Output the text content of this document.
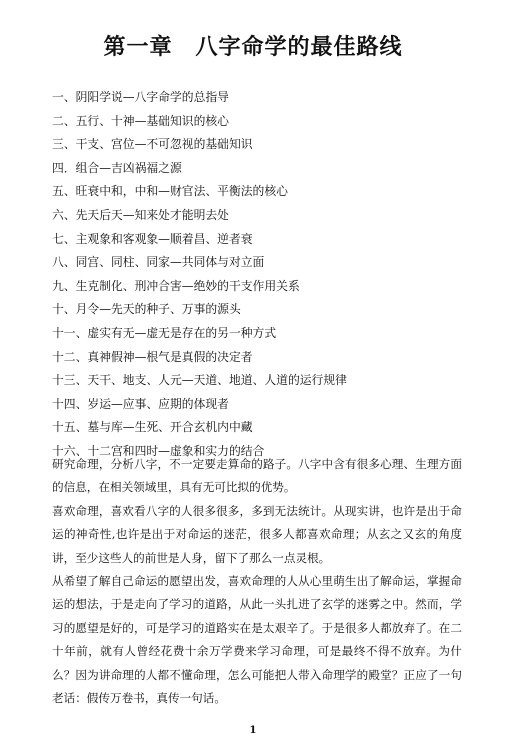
第一章　八字命学的最佳路线
一、阴阳学说—八字命学的总指导
二、五行、十神—基础知识的核心
三、干支、宫位—不可忽视的基础知识
四．组合—吉凶祸福之源
五、旺衰中和，中和—财官法、平衡法的核心
六、先天后天—知来处才能明去处
七、主观象和客观象—顺着昌、逆者衰
八、同宫、同柱、同家—共同体与对立面
九、生克制化、刑冲合害—绝妙的干支作用关系
十、月令—先天的种子、万事的源头
十一、虚实有无—虚无是存在的另一种方式
十二、真神假神—根气是真假的决定者
十三、天干、地支、人元—天道、地道、人道的运行规律
十四、岁运—应事、应期的体现者
十五、墓与库—生死、开合玄机内中藏
十六、十二宫和四时—虚象和实力的结合

研究命理，分析八字，不一定要走算命的路子。八字中含有很多心理、生理方面的信息，在相关领域里，具有无可比拟的优势。

喜欢命理，喜欢看八字的人很多很多，多到无法统计。从现实讲，也许是出于命运的神奇性,也许是出于对命运的迷茫，很多人都喜欢命理；从玄之又玄的角度讲，至少这些人的前世是人身，留下了那么一点灵根。

从希望了解自己命运的愿望出发，喜欢命理的人从心里萌生出了解命运，掌握命运的想法，于是走向了学习的道路，从此一头扎进了玄学的迷雾之中。然而，学习的愿望是好的，可是学习的道路实在是太艰辛了。于是很多人都放弃了。在二十年前，就有人曾经花费十余万学费来学习命理，可是最终不得不放弃。为什么？因为讲命理的人都不懂命理，怎么可能把人带入命理学的殿堂？正应了一句老话：假传万卷书，真传一句话。

1
